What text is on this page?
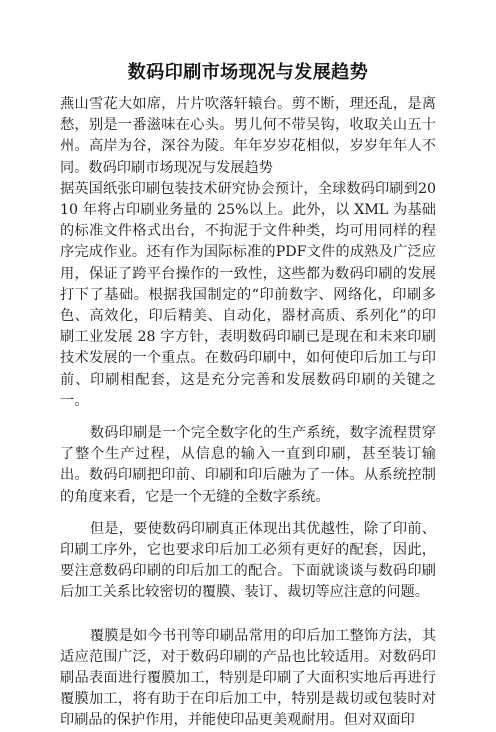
数码印刷市场现况与发展趋势

燕山雪花大如席，片片吹落轩辕台。剪不断，理还乱，是离愁，别是一番滋味在心头。男儿何不带吴钩，收取关山五十州。高岸为谷，深谷为陵。年年岁岁花相似，岁岁年年人不同。数码印刷市场现况与发展趋势

据英国纸张印刷包装技术研究协会预计，全球数码印刷到2010 年将占印刷业务量的 25%以上。此外，以 XML 为基础的标准文件格式出台，不拘泥于文件种类，均可用同样的程序完成作业。还有作为国际标准的PDF文件的成熟及广泛应用，保证了跨平台操作的一致性，这些都为数码印刷的发展打下了基础。根据我国制定的“印前数字、网络化，印刷多色、高效化，印后精美、自动化，器材高质、系列化”的印刷工业发展 28 字方针，表明数码印刷已是现在和未来印刷技术发展的一个重点。在数码印刷中，如何使印后加工与印前、印刷相配套，这是充分完善和发展数码印刷的关键之一。

数码印刷是一个完全数字化的生产系统，数字流程贯穿了整个生产过程，从信息的输入一直到印刷，甚至装订输出。数码印刷把印前、印刷和印后融为了一体。从系统控制的角度来看，它是一个无缝的全数字系统。

但是，要使数码印刷真正体现出其优越性，除了印前、印刷工序外，它也要求印后加工必须有更好的配套，因此，要注意数码印刷的印后加工的配合。下面就谈谈与数码印刷后加工关系比较密切的覆膜、装订、裁切等应注意的问题。

覆膜是如今书刊等印刷品常用的印后加工整饰方法，其适应范围广泛，对于数码印刷的产品也比较适用。对数码印刷品表面进行覆膜加工，特别是印刷了大面积实地后再进行覆膜加工，将有助于在印后加工中，特别是裁切或包装时对印刷品的保护作用，并能使印品更美观耐用。但对双面印
